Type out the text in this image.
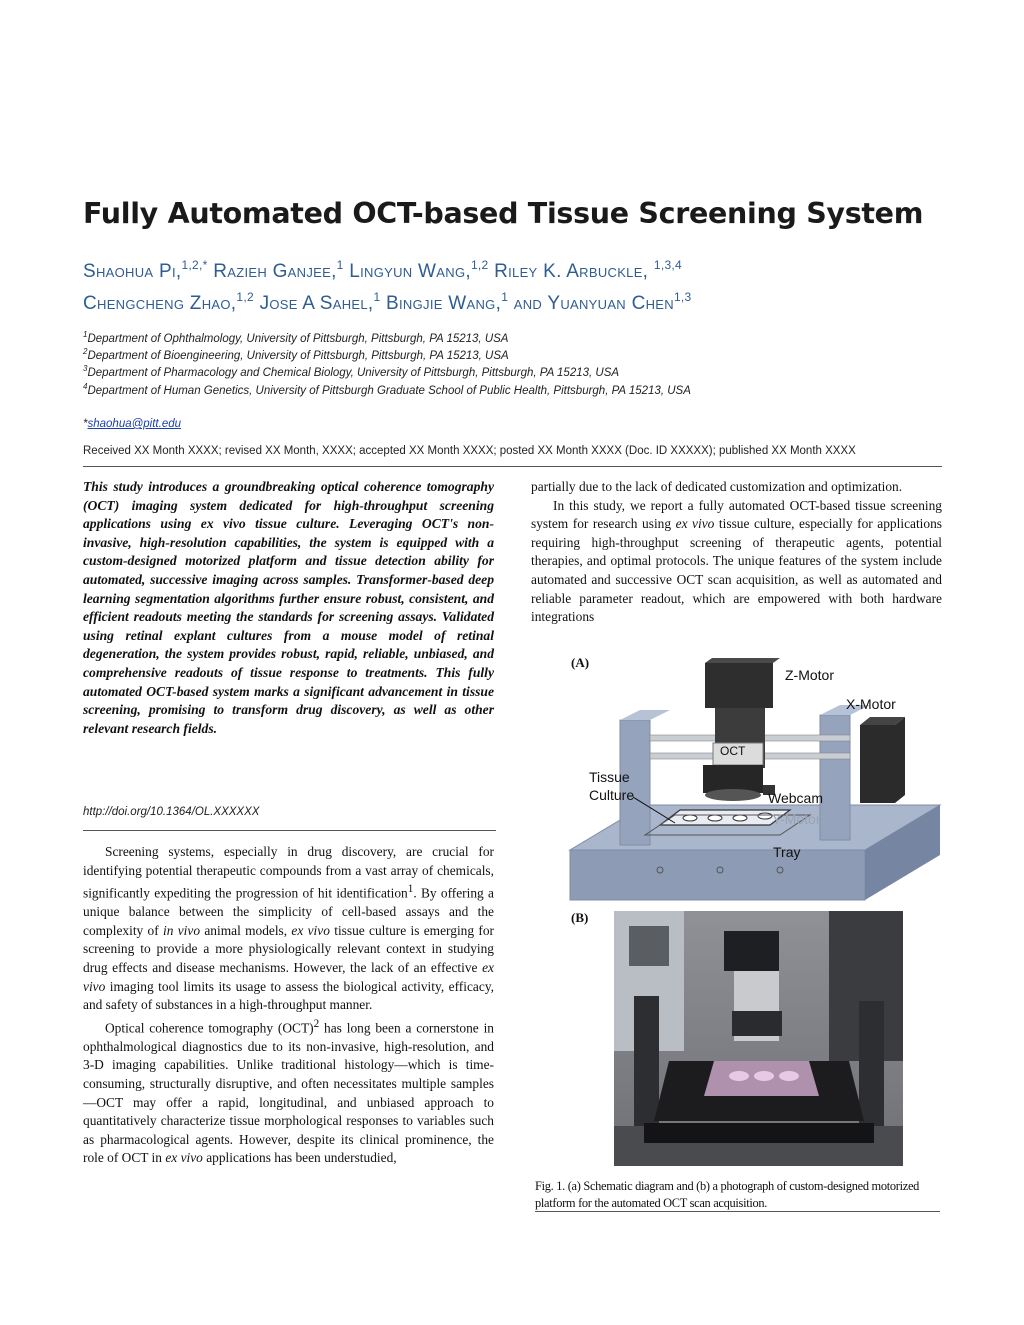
Fully Automated OCT-based Tissue Screening System
Shaohua Pi,$^{1,2,*}$ Razieh Ganjee,$^1$ Lingyun Wang,$^{1,2}$ Riley K. Arbuckle, $^{1,3,4}$
Chengcheng Zhao,$^{1,2}$ Jose A Sahel,$^1$ Bingjie Wang,$^1$ and Yuanyuan Chen$^{1,3}$
$^1$Department of Ophthalmology, University of Pittsburgh, Pittsburgh, PA 15213, USA
$^2$Department of Bioengineering, University of Pittsburgh, Pittsburgh, PA 15213, USA
$^3$Department of Pharmacology and Chemical Biology, University of Pittsburgh, Pittsburgh, PA 15213, USA
$^4$Department of Human Genetics, University of Pittsburgh Graduate School of Public Health, Pittsburgh, PA 15213, USA
*shaohua@pitt.edu
Received XX Month XXXX; revised XX Month, XXXX; accepted XX Month XXXX; posted XX Month XXXX (Doc. ID XXXXX); published XX Month XXXX
This study introduces a groundbreaking optical coherence tomography (OCT) imaging system dedicated for high-throughput screening applications using ex vivo tissue culture. Leveraging OCT's non-invasive, high-resolution capabilities, the system is equipped with a custom-designed motorized platform and tissue detection ability for automated, successive imaging across samples. Transformer-based deep learning segmentation algorithms further ensure robust, consistent, and efficient readouts meeting the standards for screening assays. Validated using retinal explant cultures from a mouse model of retinal degeneration, the system provides robust, rapid, reliable, unbiased, and comprehensive readouts of tissue response to treatments. This fully automated OCT-based system marks a significant advancement in tissue screening, promising to transform drug discovery, as well as other relevant research fields.
http://doi.org/10.1364/OL.XXXXXX

Screening systems, especially in drug discovery, are crucial for identifying potential therapeutic compounds from a vast array of chemicals, significantly expediting the progression of hit identification$^1$. By offering a unique balance between the simplicity of cell-based assays and the complexity of in vivo animal models, ex vivo tissue culture is emerging for screening to provide a more physiologically relevant context in studying drug effects and disease mechanisms. However, the lack of an effective ex vivo imaging tool limits its usage to assess the biological activity, efficacy, and safety of substances in a high-throughput manner.

Optical coherence tomography (OCT)$^2$ has long been a cornerstone in ophthalmological diagnostics due to its non-invasive, high-resolution, and 3-D imaging capabilities. Unlike traditional histology—which is time-consuming, structurally disruptive, and often necessitates multiple samples—OCT may offer a rapid, longitudinal, and unbiased approach to quantitatively characterize tissue morphological responses to variables such as pharmacological agents. However, despite its clinical prominence, the role of OCT in ex vivo applications has been understudied,

partially due to the lack of dedicated customization and optimization.

In this study, we report a fully automated OCT-based tissue screening system for research using ex vivo tissue culture, especially for applications requiring high-throughput screening of therapeutic agents, potential therapies, and optimal protocols. The unique features of the system include automated and successive OCT scan acquisition, as well as automated and reliable parameter readout, which are empowered with both hardware integrations

Z-Motor
X-Motor
OCT
Tissue
Culture	Webcam
Y-Motor
Tray
(A)
(B)
Fig. 1. (a) Schematic diagram and (b) a photograph of custom-designed motorized platform for the automated OCT scan acquisition.
